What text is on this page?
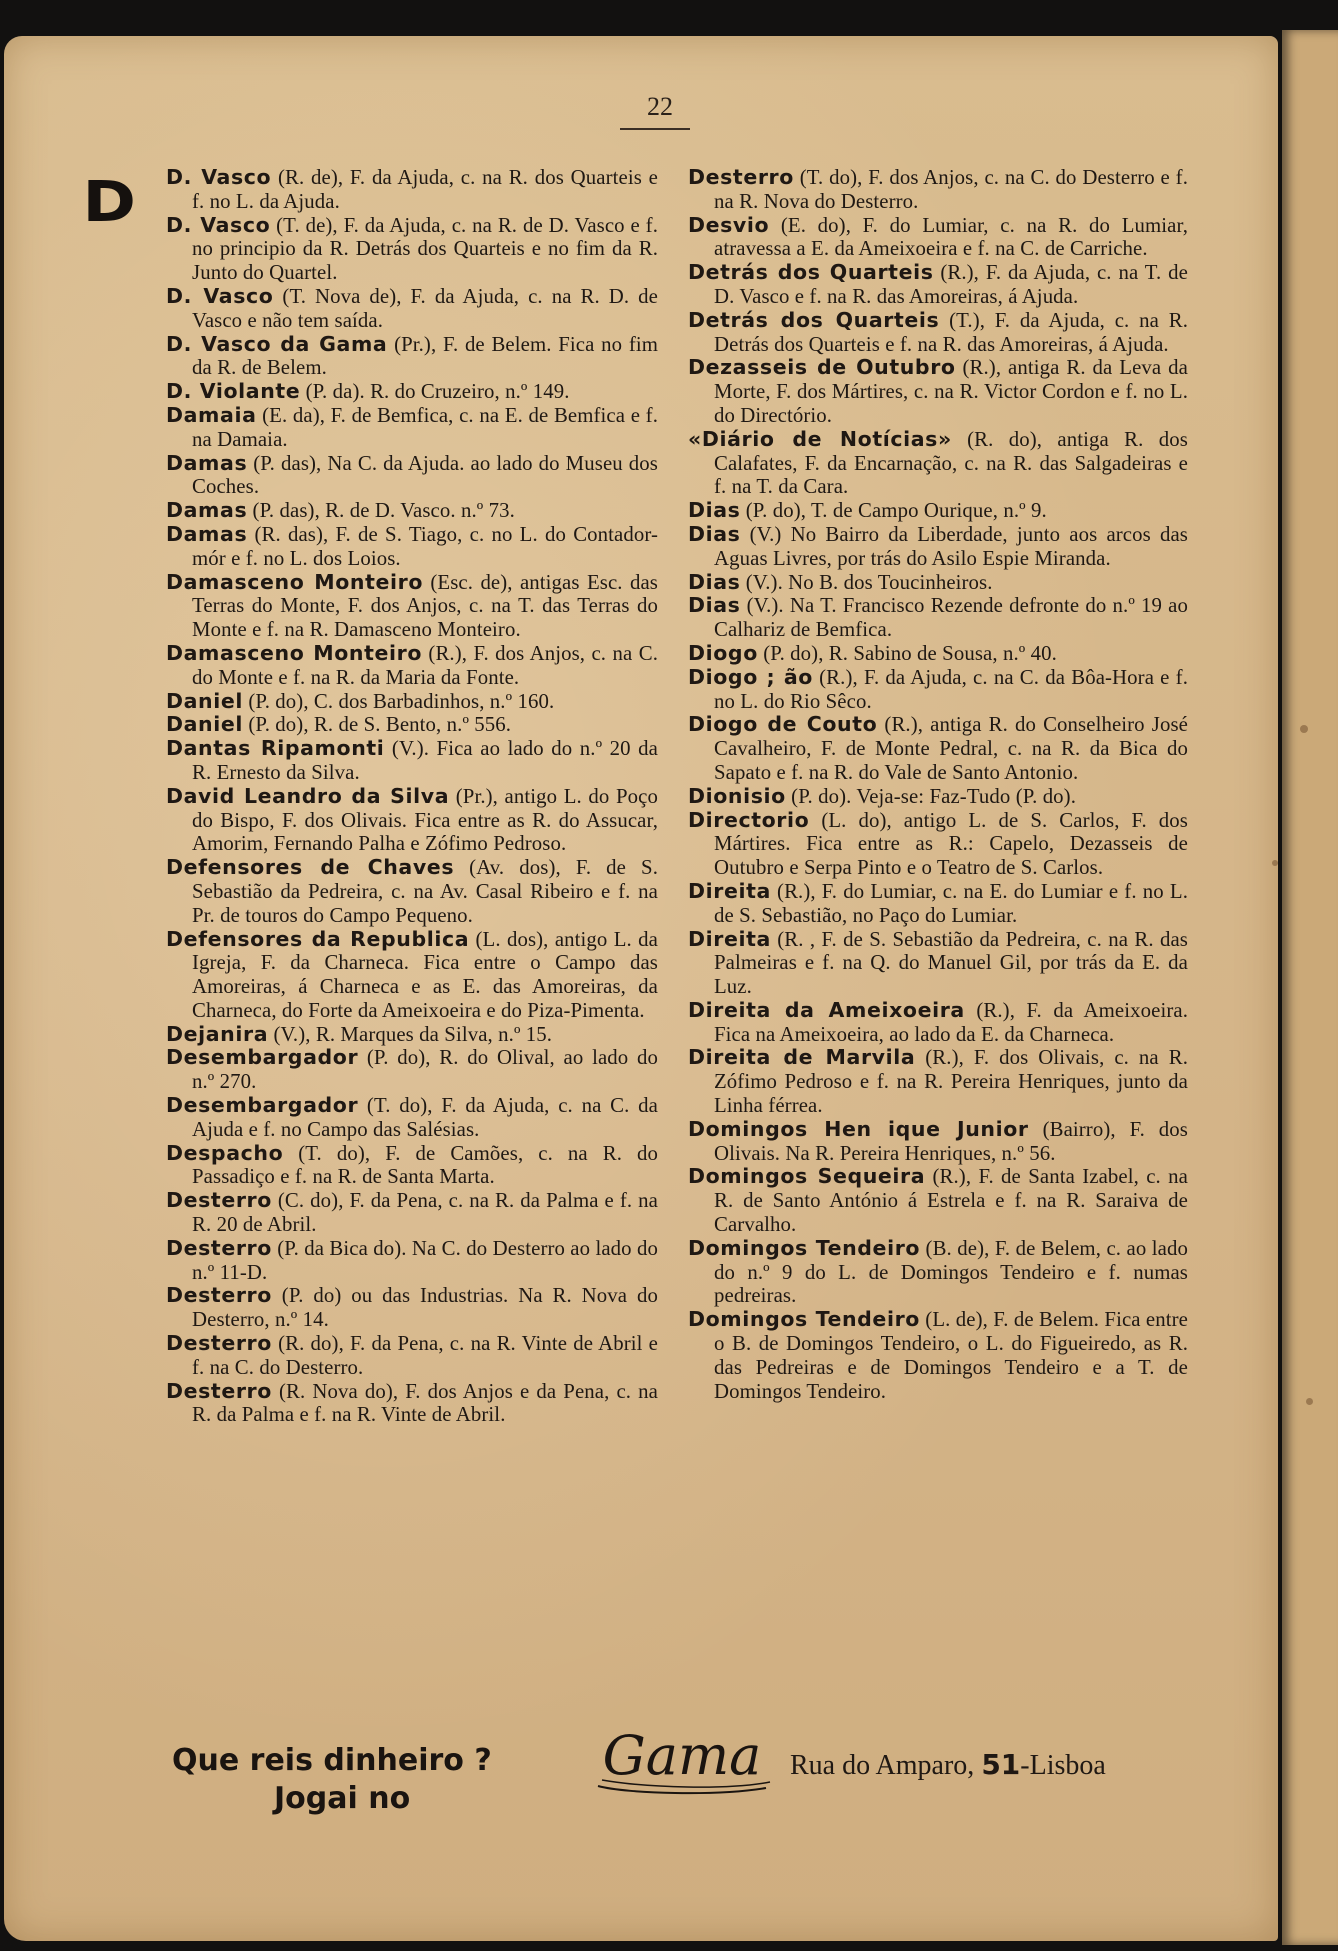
22
D D. Vasco (R. de), F. da Ajuda, c. na R. dos Quarteis e f. no L. da Ajuda.

D. Vasco (T. de), F. da Ajuda, c. na R. de D. Vasco e f. no principio da R. Detrás dos Quarteis e no fim da R. Junto do Quartel.

D. Vasco (T. Nova de), F. da Ajuda, c. na R. D. de Vasco e não tem saída.

D. Vasco da Gama (Pr.), F. de Belem. Fica no fim da R. de Belem.

D. Violante (P. da). R. do Cruzeiro, n.º 149.

Damaia (E. da), F. de Bemfica, c. na E. de Bemfica e f. na Damaia.

Damas (P. das), Na C. da Ajuda. ao lado do Museu dos Coches.

Damas (P. das), R. de D. Vasco. n.º 73.

Damas (R. das), F. de S. Tiago, c. no L. do Contador-mór e f. no L. dos Loios.

Damasceno Monteiro (Esc. de), antigas Esc. das Terras do Monte, F. dos Anjos, c. na T. das Terras do Monte e f. na R. Damasceno Monteiro.

Damasceno Monteiro (R.), F. dos Anjos, c. na C. do Monte e f. na R. da Maria da Fonte.

Daniel (P. do), C. dos Barbadinhos, n.º 160.

Daniel (P. do), R. de S. Bento, n.º 556.

Dantas Ripamonti (V.). Fica ao lado do n.º 20 da R. Ernesto da Silva.

David Leandro da Silva (Pr.), antigo L. do Poço do Bispo, F. dos Olivais. Fica entre as R. do Assucar, Amorim, Fernando Palha e Zófimo Pedroso.

Defensores de Chaves (Av. dos), F. de S. Sebastião da Pedreira, c. na Av. Casal Ribeiro e f. na Pr. de touros do Campo Pequeno.

Defensores da Republica (L. dos), antigo L. da Igreja, F. da Charneca. Fica entre o Campo das Amoreiras, á Charneca e as E. das Amoreiras, da Charneca, do Forte da Ameixoeira e do Piza-Pimenta.

Dejanira (V.), R. Marques da Silva, n.º 15.

Desembargador (P. do), R. do Olival, ao lado do n.º 270.

Desembargador (T. do), F. da Ajuda, c. na C. da Ajuda e f. no Campo das Salésias.

Despacho (T. do), F. de Camões, c. na R. do Passadiço e f. na R. de Santa Marta.

Desterro (C. do), F. da Pena, c. na R. da Palma e f. na R. 20 de Abril.

Desterro (P. da Bica do). Na C. do Desterro ao lado do n.º 11-D.

Desterro (P. do) ou das Industrias. Na R. Nova do Desterro, n.º 14.

Desterro (R. do), F. da Pena, c. na R. Vinte de Abril e f. na C. do Desterro.

Desterro (R. Nova do), F. dos Anjos e da Pena, c. na R. da Palma e f. na R. Vinte de Abril.

Desterro (T. do), F. dos Anjos, c. na C. do Desterro e f. na R. Nova do Desterro.

Desvio (E. do), F. do Lumiar, c. na R. do Lumiar, atravessa a E. da Ameixoeira e f. na C. de Carriche.

Detrás dos Quarteis (R.), F. da Ajuda, c. na T. de D. Vasco e f. na R. das Amoreiras, á Ajuda.

Detrás dos Quarteis (T.), F. da Ajuda, c. na R. Detrás dos Quarteis e f. na R. das Amoreiras, á Ajuda.

Dezasseis de Outubro (R.), antiga R. da Leva da Morte, F. dos Mártires, c. na R. Victor Cordon e f. no L. do Directório.

«Diário de Notícias» (R. do), antiga R. dos Calafates, F. da Encarnação, c. na R. das Salgadeiras e f. na T. da Cara.

Dias (P. do), T. de Campo Ourique, n.º 9.

Dias (V.) No Bairro da Liberdade, junto aos arcos das Aguas Livres, por trás do Asilo Espie Miranda.

Dias (V.). No B. dos Toucinheiros.

Dias (V.). Na T. Francisco Rezende defronte do n.º 19 ao Calhariz de Bemfica.

Diogo (P. do), R. Sabino de Sousa, n.º 40.

Diogo ; ão (R.), F. da Ajuda, c. na C. da Bôa-Hora e f. no L. do Rio Sêco.

Diogo de Couto (R.), antiga R. do Conselheiro José Cavalheiro, F. de Monte Pedral, c. na R. da Bica do Sapato e f. na R. do Vale de Santo Antonio.

Dionisio (P. do). Veja-se: Faz-Tudo (P. do).

Directorio (L. do), antigo L. de S. Carlos, F. dos Mártires. Fica entre as R.: Capelo, Dezasseis de Outubro e Serpa Pinto e o Teatro de S. Carlos.

Direita (R.), F. do Lumiar, c. na E. do Lumiar e f. no L. de S. Sebastião, no Paço do Lumiar.

Direita (R. , F. de S. Sebastião da Pedreira, c. na R. das Palmeiras e f. na Q. do Manuel Gil, por trás da E. da Luz.

Direita da Ameixoeira (R.), F. da Ameixoeira. Fica na Ameixoeira, ao lado da E. da Charneca.

Direita de Marvila (R.), F. dos Olivais, c. na R. Zófimo Pedroso e f. na R. Pereira Henriques, junto da Linha férrea.

Domingos Hen ique Junior (Bairro), F. dos Olivais. Na R. Pereira Henriques, n.º 56.

Domingos Sequeira (R.), F. de Santa Izabel, c. na R. de Santo António á Estrela e f. na R. Saraiva de Carvalho.

Domingos Tendeiro (B. de), F. de Belem, c. ao lado do n.º 9 do L. de Domingos Tendeiro e f. numas pedreiras.

Domingos Tendeiro (L. de), F. de Belem. Fica entre o B. de Domingos Tendeiro, o L. do Figueiredo, as R. das Pedreiras e de Domingos Tendeiro e a T. de Domingos Tendeiro.

Que reis dinheiro ?
Jogai no
Gama Rua do Amparo, 51-Lisboa
